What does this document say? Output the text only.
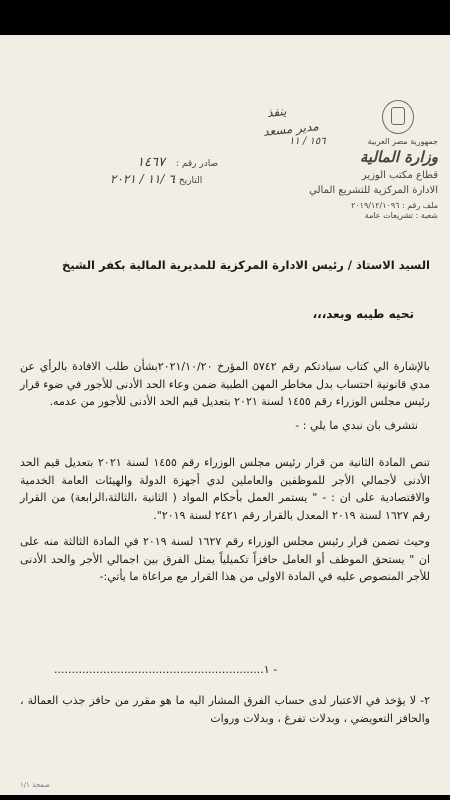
ينفذ
مدير مسعد
١٥٦ / ١١
صادر رقم :
١٤٦٧
التاريخ :
٦ /١١ / ٢٠٢١
جمهورية مصر العربية
وزارة المالية
قطاع مكتب الوزير
الادارة المركزية للتشريع المالي
ملف رقم : ٢٠١٩/١٢/١٠٩٦
شعبة : تشريعات عامة
السيد الاستاذ / رئيس الادارة المركزية للمديرية المالية بكفر الشيخ
تحيه طيبه وبعد،،،
بالإشارة الي كتاب سيادتكم رقم ٥٧٤٢ المؤرخ ٢٠٢١/١٠/٢٠بشأن طلب الافادة بالرأي عن مدي قانونية احتساب بدل مخاطر المهن الطبية ضمن وعاء الحد الأدنى للأجور في ضوء قرار رئيس مجلس الوزراء رقم ١٤٥٥ لسنة ٢٠٢١ بتعديل قيم الحد الأدنى للأجور من عدمه.
نتشرف بان نبدي ما يلي : -
تنص المادة الثانية من قرار رئيس مجلس الوزراء رقم ١٤٥٥ لسنة ٢٠٢١ بتعديل قيم الحد الأدنى لأجمالي الأجر للموظفين والعاملين لدي أجهزة الدولة والهيئات العامة الخدمية والاقتصادية على ان : - " يستمر العمل بأحكام المواد ( الثانية ،الثالثة،الرابعة) من القرار رقم ١٦٢٧ لسنة ٢٠١٩ المعدل بالقرار رقم ٢٤٢١ لسنة ٢٠١٩".
وحيث تضمن قرار رئيس مجلس الوزراء رقم ١٦٢٧ لسنة ٢٠١٩ في المادة الثالثة منه على ان " يستحق الموظف أو العامل حافزاً تكميلياً يمثل الفرق بين اجمالي الأجر والحد الأدنى للأجر المنصوص عليه في المادة الاولى من هذا القرار مع مراعاة ما يأتي:-
- ١............................................................
٢- لا يؤخذ في الاعتبار لدى حساب الفرق المشار اليه ما هو مقرر من حافز جذب العمالة ، والحافز التعويضي ، وبدلات تفرغ ، وبدلات وروات
صفحة ١/١
